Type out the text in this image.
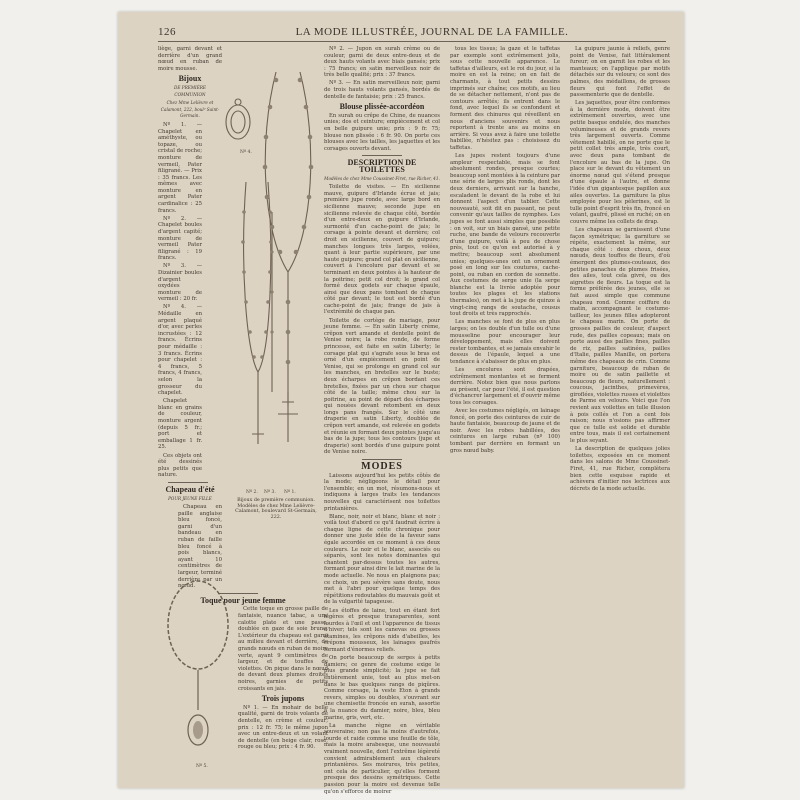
126	LA MODE ILLUSTRÉE, JOURNAL DE LA FAMILLE.

liège, garni devant et derrière d'un grand nœud en ruban de moire mousse.

Bijoux
DE PREMIÈRE COMMUNION
Chez Mme Lelièvre et Calamont, 222, boulᵈ Saint-Germain.

Nº 1. — Chapelet en améthyste, ou topaze, ou cristal de roche; monture de vermeil, Pater filigrané. — Prix : 35 francs. Les mêmes avec monture en argent Pater cardinalice : 25 francs.

Nº 2. — Chapelet boules d'argent capité; monture de vermeil Pater filigrané : 19 francs.

Nº 3. — Dizainier boules d'argent oxydées monture de vermeil : 20 fr.

Nº 4. — Médaille en argent plaqué d'or, avec perles incrustées : 12 francs. Écrins pour médaille : 3 francs. Écrins pour chapelet : 4 francs, 5 francs, 4 francs, selon la grosseur du chapelet.

Chapelet blanc en grains de couleur, monture argent (depuis 5 fr.; port et emballage 1 fr. 25.

Ces objets ont été dessinés plus petits que nature.

Chapeau d'été
POUR JEUNE FILLE

Chapeau en paille anglaise bleu foncé, garni d'un bandeau en ruban de faille bleu foncé à pois blancs, ayant 10 centimètres de largeur, terminé derrière par un nœud.

Toque pour jeune femme

Cette toque en grosse paille de fantaisie, nuance tabac, a une calotte plate et une passe, doublée en gaze de soie brune. L'extérieur du chapeau est garni au milieu devant et derrière, de grands nœuds en ruban de moire verte, ayant 9 centimètres de largeur, et de touffes de violettes. On pique dans le nœud de devant deux plumes droites noires, garnies de petits croissants en jais.

Trois jupons

Nº 1. — En mohair de belle qualité, garni de trois volants de dentelle, en crème et couleur; prix : 12 fr. 75; le même jupon avec un entre-deux et un volant de dentelle (en beige clair, rose, rouge ou bleu; prix : 4 fr. 90.

Nº 4.
Nº 2. Nº 3. Nº 1.
Bijoux de première communion. Modèles de chez Mme Lelièvre-Calamont, boulevard St-Germain, 222.
Nº 5.

Nº 2. — Jupon en surah crème ou de couleur, garni de deux entre-deux et de deux hauts volants avec biais gansés; prix : 75 francs; en satin merveilleux noir de très belle qualité; prix : 37 francs.

Nº 3. — En satin merveilleux noir, garni de trois hauts volants gansés, bordés de dentelle de fantaisie; prix : 25 francs.

Blouse plissée-accordéon

En surah ou crêpe de Chine, de nuances unies; dos et ceinture; empiècement et col en belle guipure unie; prix : 9 fr. 75; blouse non plissée : 6 fr. 90. On porte ces blouses avec les tailles, les jaquettes et les corsages ouverts devant.

DESCRIPTION DE TOILETTES
Modèles de chez Mme Coussinet-Firet, rue Richer, 41.

Toilette de visites. — En sicilienne mauve, guipure d'Irlande écrue et jais; première jupe ronde, avec large bord en sicilienne mauve; seconde jupe en sicilienne relevée de chaque côté, bordée d'un entre-deux en guipure d'Irlande, surmonté d'un cache-point de jais; le corsage à pointe devant et derrière; col droit en sicilienne, couvert de guipure; manches longues très larges, volées, quant à leur partie supérieure, par une haute guipure; grand col plat en sicilienne, couvert à l'encolure par devant et se terminant en deux pointes à la hauteur de la poitrine; petit col droit; le grand col formé deux godets sur chaque épaule, ainsi que deux pans tombant de chaque côté par devant; le tout est bordé d'un cache-point de jais; frange de jais à l'extrémité de chaque pan.

Toilette de cortège de mariage, pour jeune femme. — En satin Liberty crème, crêpon vert amande et dentelle point de Venise noire; la robe ronde, de forme princesse, est faite en satin Liberty; le corsage plat qui s'agrafe sous le bras est orné d'un empiècement en point de Venise, qui se prolonge en grand col sur les manches, en bretelles sur le buste; deux écharpes en crêpon bordant ces bretelles, fixées par un chou sur chaque côté de la taille; même chou sur la poitrine, au point de départ des écharpes qui nouées devant retombent en deux longs pans frangés. Sur le côté une draperie en satin Liberty, doublée de crêpon vert amande, est relevée en godets et réunie en formant deux pointes jusqu'au bas de la jupe; tous les contours (jupe et draperie) sont bordés d'une guipure point de Venise noire.

MODES

Laissons aujourd'hui les petits côtés de la mode; négligeons le détail pour l'ensemble; en un mot, résumons-nous et indiquons à larges traits les tendances nouvelles qui caractérisent nos toilettes printanières.

Blanc, noir, noir et blanc, blanc et noir : voilà tout d'abord ce qu'il faudrait écrire à chaque ligne de cette chronique pour donner une juste idée de la faveur sans égale accordée en ce moment à ces deux couleurs. Le noir et le blanc, associés ou séparés, sont les notes dominantes qui chantent par-dessus toutes les autres, formant pour ainsi dire le lait marine de la mode actuelle. Ne nous en plaignons pas; ce choix, un peu sévère sans doute, nous met à l'abri pour quelque temps des répétitions redoutables du mauvais goût et de la vulgarité tapageuse.

Les étoffes de laine, tout en étant fort légères et presque transparentes, sont lourdes à l'œil et ont l'apparence de tissus d'hiver; tels sont les canevas ou grosses étamines, les crêpons nids d'abeilles, les crépons mousseux, les lainages gaufrés formant d'énormes reliefs.

On porte beaucoup de serges à petits damiers; ce genre de costume exige le plus grande simplicité; la jupe se fait entièrement unie, tout au plus met-on dans le bas quelques rangs de piqûres. Comme corsage, la veste Eton à grands revers, simples ou doubles, s'ouvrant sur une chemisette froncée en surah, assortie à la nuance du damier, noire, bleu, bleu marine, gris, vert, etc.

La manche règne en véritable souveraine; non pas la moins d'autrefois, lourde et raide comme une feuille de tôle, mais la moire arabesque, une nouveauté vraiment nouvelle, dont l'extrême légèreté convient admirablement aux chaleurs printanières. Ses moirures, très petites, ont cela de particulier, qu'elles forment presque des dessins symétriques. Cette passion pour la moire est devenue telle qu'on s'efforce de moirer

tous les tissus; la gaze et le taffetas par exemple sont extrêmement jolis, sous cette nouvelle apparence. Le taffetas d'ailleurs, est le roi du jour, si la moire en est la reine; on en fait de charmants, à tout petits dessins imprimés sur chaîne; ces motifs, au lieu de se détacher nettement, n'ont pas de contours arrêtés; ils entrent dans le fond, avec lequel ils se confondent et forment des chinures qui réveillent en nous d'anciens souvenirs et nous reportent à trente ans au moins en arrière. Si vous avez à faire une toilette habillée, n'hésitez pas : choisissez du taffetas.

Les jupes restent toujours d'une ampleur respectable, mais se font absolument rondes, presque courtes; beaucoup sont montées à la ceinture par une série de larges plis ronds, dont les deux derniers, arrivant sur la hanche, escaladent le devant de la robe et lui donnent l'aspect d'un tablier. Cette nouveauté, soit dit en passant, ne peut convenir qu'aux tailles de nymphes. Les jupes se font aussi simples que possible : on voit, sur un biais gansé, une petite ruche, une bande de velours recouverte d'une guipure, voilà à peu de chose près, tout ce qu'on est autorisé à y mettre; beaucoup sont absolument unies; quelques-unes ont un ornement posé en long sur les coutures, cache-point, ou ruban en cordon de sonnette. Aux costumes de serge unie (la serge blanche est la livrée adoptée pour toutes les plages et les stations thermales), on met à la jupe de quinze à vingt-cinq rangs de soutache, cousus tout droits et très rapprochés.

Les manches se font de plus en plus larges; on les double d'un tulle ou d'une mousseline pour encourager leur développement, mais elles doivent rester tombantes, et se jamais envahir le dessus de l'épaule, lequel a une tendance à s'abaisser de plus en plus.

Les encolures sont drapées, extrêmement montantes et se ferment derrière. Notez bien que nous parlons au présent, car pour l'été, il est question d'échancrer largement et d'ouvrir même tous les corsages.

Avec les costumes négligés, on lainage foncé, on porte des ceintures de cuir de haute fantaisie, beaucoup de jaune et de noir. Avec les robes habillées, des ceintures en large ruban (nº 100) tombant par derrière en formant un gros nœud baby.

La guipure jaunie à reliefs, genre point de Venise, fait littéralement fureur; on en garnit les robes et les manteaux; on l'applique par motifs détachés sur du velours; ce sont des palmes, des médaillons, de grosses fleurs qui font l'effet de passementerie que de dentelle.

Les jaquettes, pour être conformes à la dernière mode, doivent être extrêmement ouvertes, avec une petite basque ondulée, des manches volumineuses et de grands revers très largement ouverts. Comme vêtement habillé, on ne porte que le petit collet très ample, très court, avec deux pans tombant de l'encolure au bas de la jupe. On place sur le devant du vêtement un énorme nœud qui s'étend presque d'une épaule à l'autre, et donne l'idée d'un gigantesque papillon aux ailes ouvertes. La garniture la plus employée pour les pèlerines, est le tulle point d'esprit très fin, froncé en volant, gaufré, plissé en ruché; on en couvre même les collets de drap.

Les chapeaux se garnissent d'une façon symétrique; la garniture se répète, exactement la même, sur chaque côté : deux choux, deux nœuds, deux touffes de fleurs, d'où émergent des plumes-couteaux, des petites panaches de plumes frisées, des ailes, tout cela givré, ou des aigrettes de fleurs. La toque est la forme préférée des jeunes, elle se fait aussi simple que commune chapeau rond. Comme coiffure du matin, accompagnant le costume-tailleur, les jeunes filles adopteront le chapeau marin. On porte de grosses pailles de couleur, d'aspect rude, des pailles copeaux; mais on porte aussi des pailles fines, pailles de riz, pailles satinées, pailles d'Italie, pailles Manille, on portera même des chapeaux de crin. Comme garniture, beaucoup de ruban de moire ou de satin paillette et beaucoup de fleurs, naturellement : coucous, jacinthes, primevères, giroflées, violettes russes et violettes de Parme en velours. Voici que l'on revient aux voilettes en tulle illusion à pois collés et l'on a cent fois raison; nous n'osions pas affirmer que ce tulle est solide et durable entre tous, mais il est certainement le plus seyant.

La description de quelques jolies toilettes, exposées en ce moment dans les salons de Mme Coussinet-Firet, 41, rue Richer, complètera bien cette esquisse rapide et achèvera d'initier nos lectrices aux décrets de la mode actuelle.
